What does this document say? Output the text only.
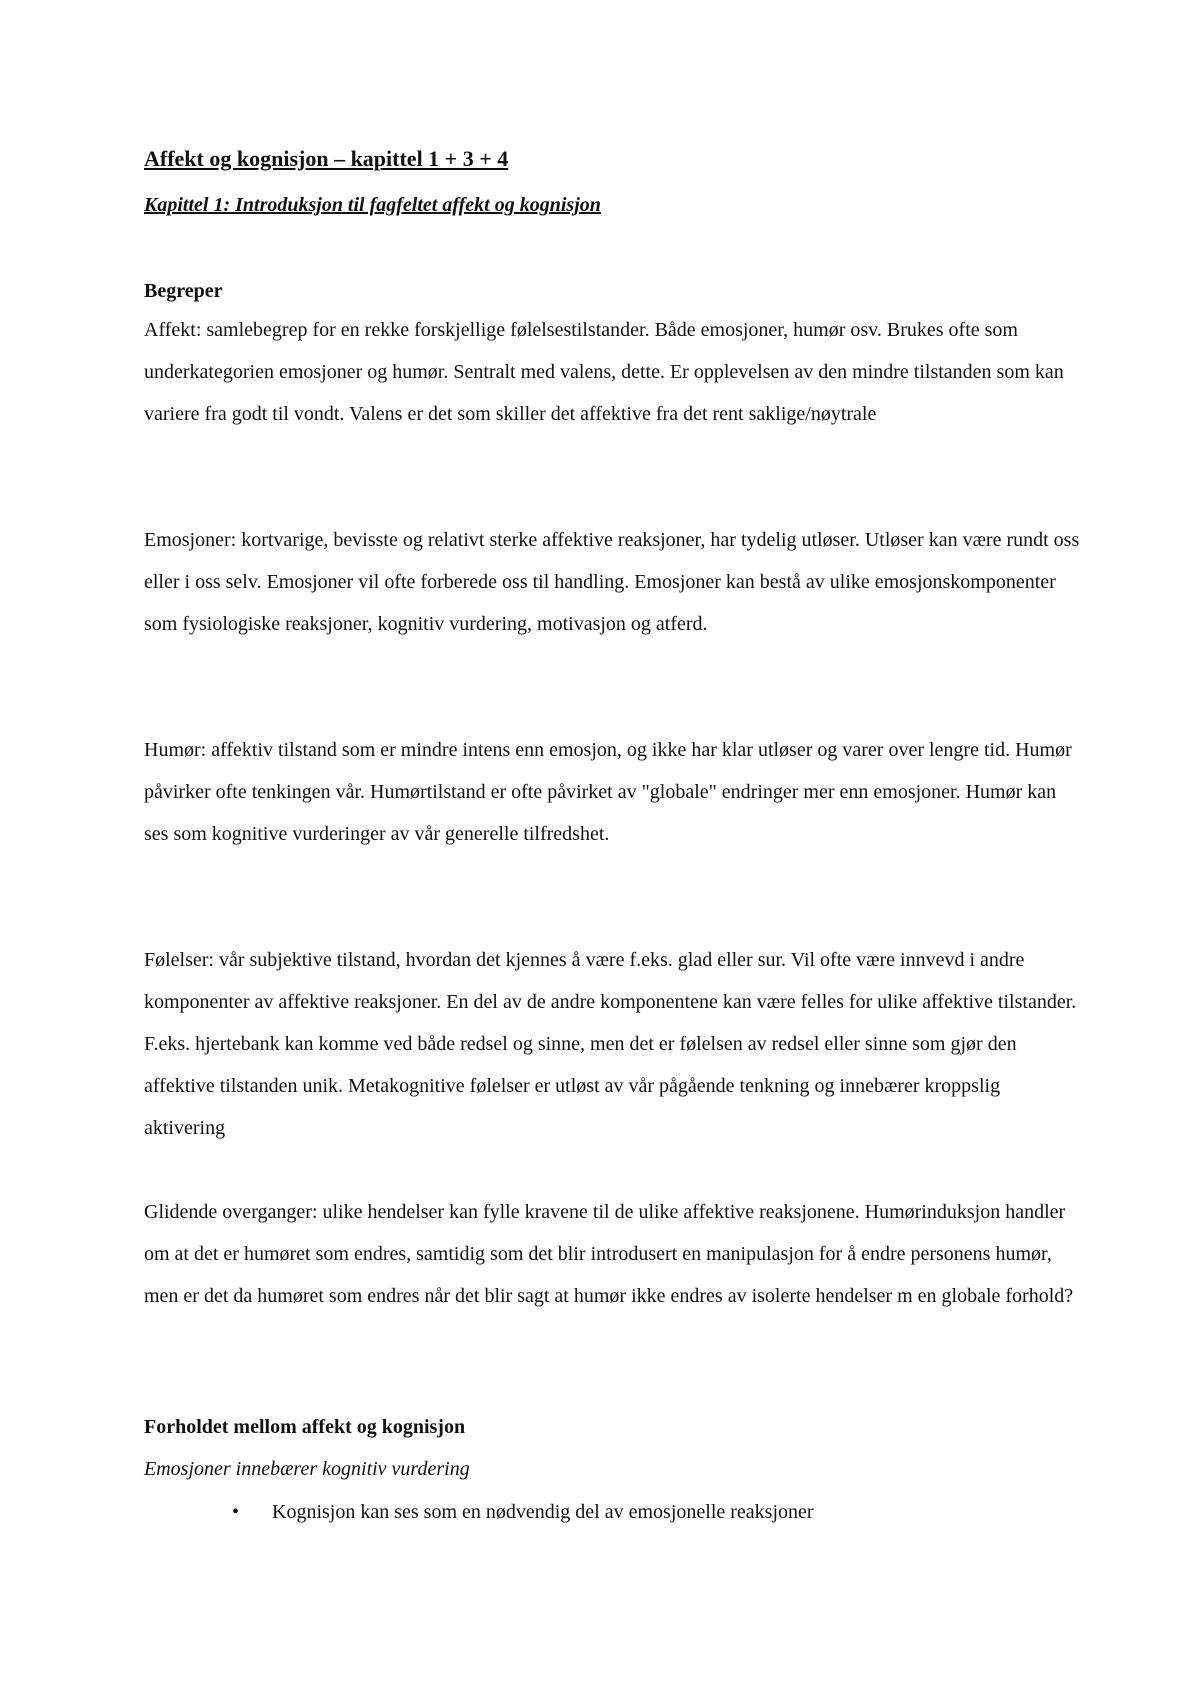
Affekt og kognisjon – kapittel 1 + 3 + 4
Kapittel 1: Introduksjon til fagfeltet affekt og kognisjon
Begreper

Affekt: samlebegrep for en rekke forskjellige følelsestilstander. Både emosjoner, humør osv. Brukes ofte som underkategorien emosjoner og humør. Sentralt med valens, dette. Er opplevelsen av den mindre tilstanden som kan variere fra godt til vondt. Valens er det som skiller det affektive fra det rent saklige/nøytrale

Emosjoner: kortvarige, bevisste og relativt sterke affektive reaksjoner, har tydelig utløser. Utløser kan være rundt oss eller i oss selv. Emosjoner vil ofte forberede oss til handling. Emosjoner kan bestå av ulike emosjonskomponenter som fysiologiske reaksjoner, kognitiv vurdering, motivasjon og atferd.

Humør: affektiv tilstand som er mindre intens enn emosjon, og ikke har klar utløser og varer over lengre tid. Humør påvirker ofte tenkingen vår. Humørtilstand er ofte påvirket av "globale" endringer mer enn emosjoner. Humør kan ses som kognitive vurderinger av vår generelle tilfredshet.

Følelser: vår subjektive tilstand, hvordan det kjennes å være f.eks. glad eller sur. Vil ofte være innvevd i andre komponenter av affektive reaksjoner. En del av de andre komponentene kan være felles for ulike affektive tilstander. F.eks. hjertebank kan komme ved både redsel og sinne, men det er følelsen av redsel eller sinne som gjør den affektive tilstanden unik. Metakognitive følelser er utløst av vår pågående tenkning og innebærer kroppslig aktivering

Glidende overganger: ulike hendelser kan fylle kravene til de ulike affektive reaksjonene. Humørinduksjon handler om at det er humøret som endres, samtidig som det blir introdusert en manipulasjon for å endre personens humør, men er det da humøret som endres når det blir sagt at humør ikke endres av isolerte hendelser m en globale forhold?

Forholdet mellom affekt og kognisjon

Emosjoner innebærer kognitiv vurdering

• Kognisjon kan ses som en nødvendig del av emosjonelle reaksjoner
